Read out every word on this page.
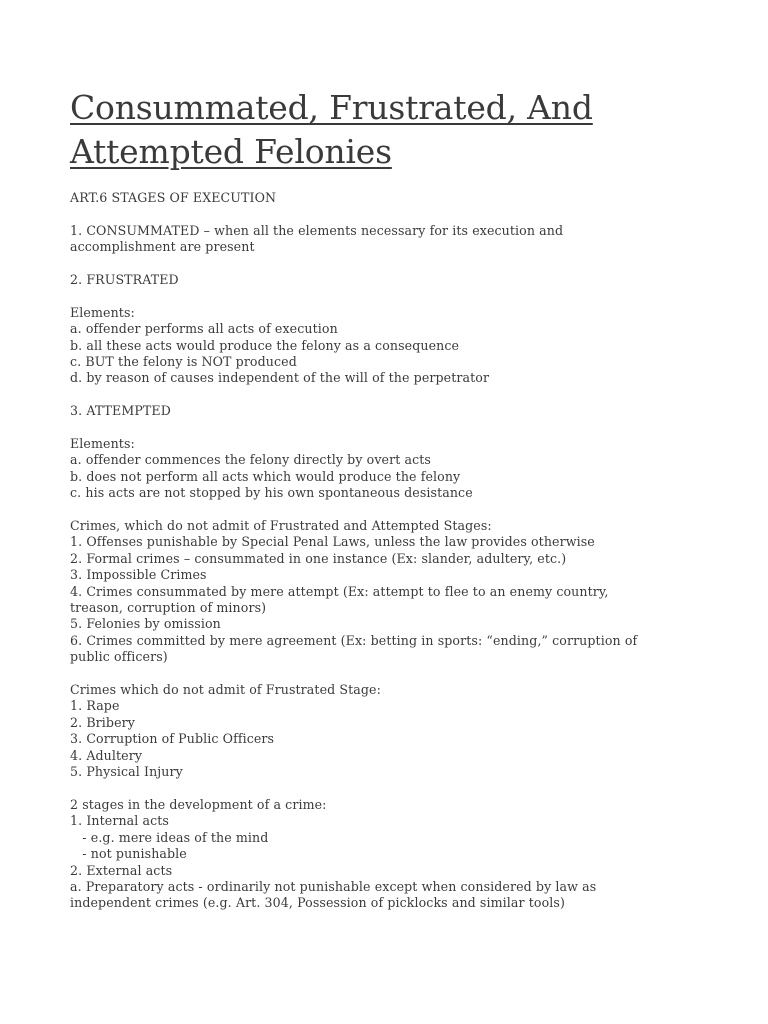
Consummated, Frustrated, And
Attempted Felonies
ART.6 STAGES OF EXECUTION
1. CONSUMMATED – when all the elements necessary for its execution and
accomplishment are present
2. FRUSTRATED
Elements:
a. offender performs all acts of execution
b. all these acts would produce the felony as a consequence
c. BUT the felony is NOT produced
d. by reason of causes independent of the will of the perpetrator
3. ATTEMPTED
Elements:
a. offender commences the felony directly by overt acts
b. does not perform all acts which would produce the felony
c. his acts are not stopped by his own spontaneous desistance
Crimes, which do not admit of Frustrated and Attempted Stages:
1. Offenses punishable by Special Penal Laws, unless the law provides otherwise
2. Formal crimes – consummated in one instance (Ex: slander, adultery, etc.)
3. Impossible Crimes
4. Crimes consummated by mere attempt (Ex: attempt to flee to an enemy country,
treason, corruption of minors)
5. Felonies by omission
6. Crimes committed by mere agreement (Ex: betting in sports: “ending,” corruption of
public officers)
Crimes which do not admit of Frustrated Stage:
1. Rape
2. Bribery
3. Corruption of Public Officers
4. Adultery
5. Physical Injury
2 stages in the development of a crime:
1. Internal acts
- e.g. mere ideas of the mind
- not punishable
2. External acts
a. Preparatory acts - ordinarily not punishable except when considered by law as
independent crimes (e.g. Art. 304, Possession of picklocks and similar tools)
